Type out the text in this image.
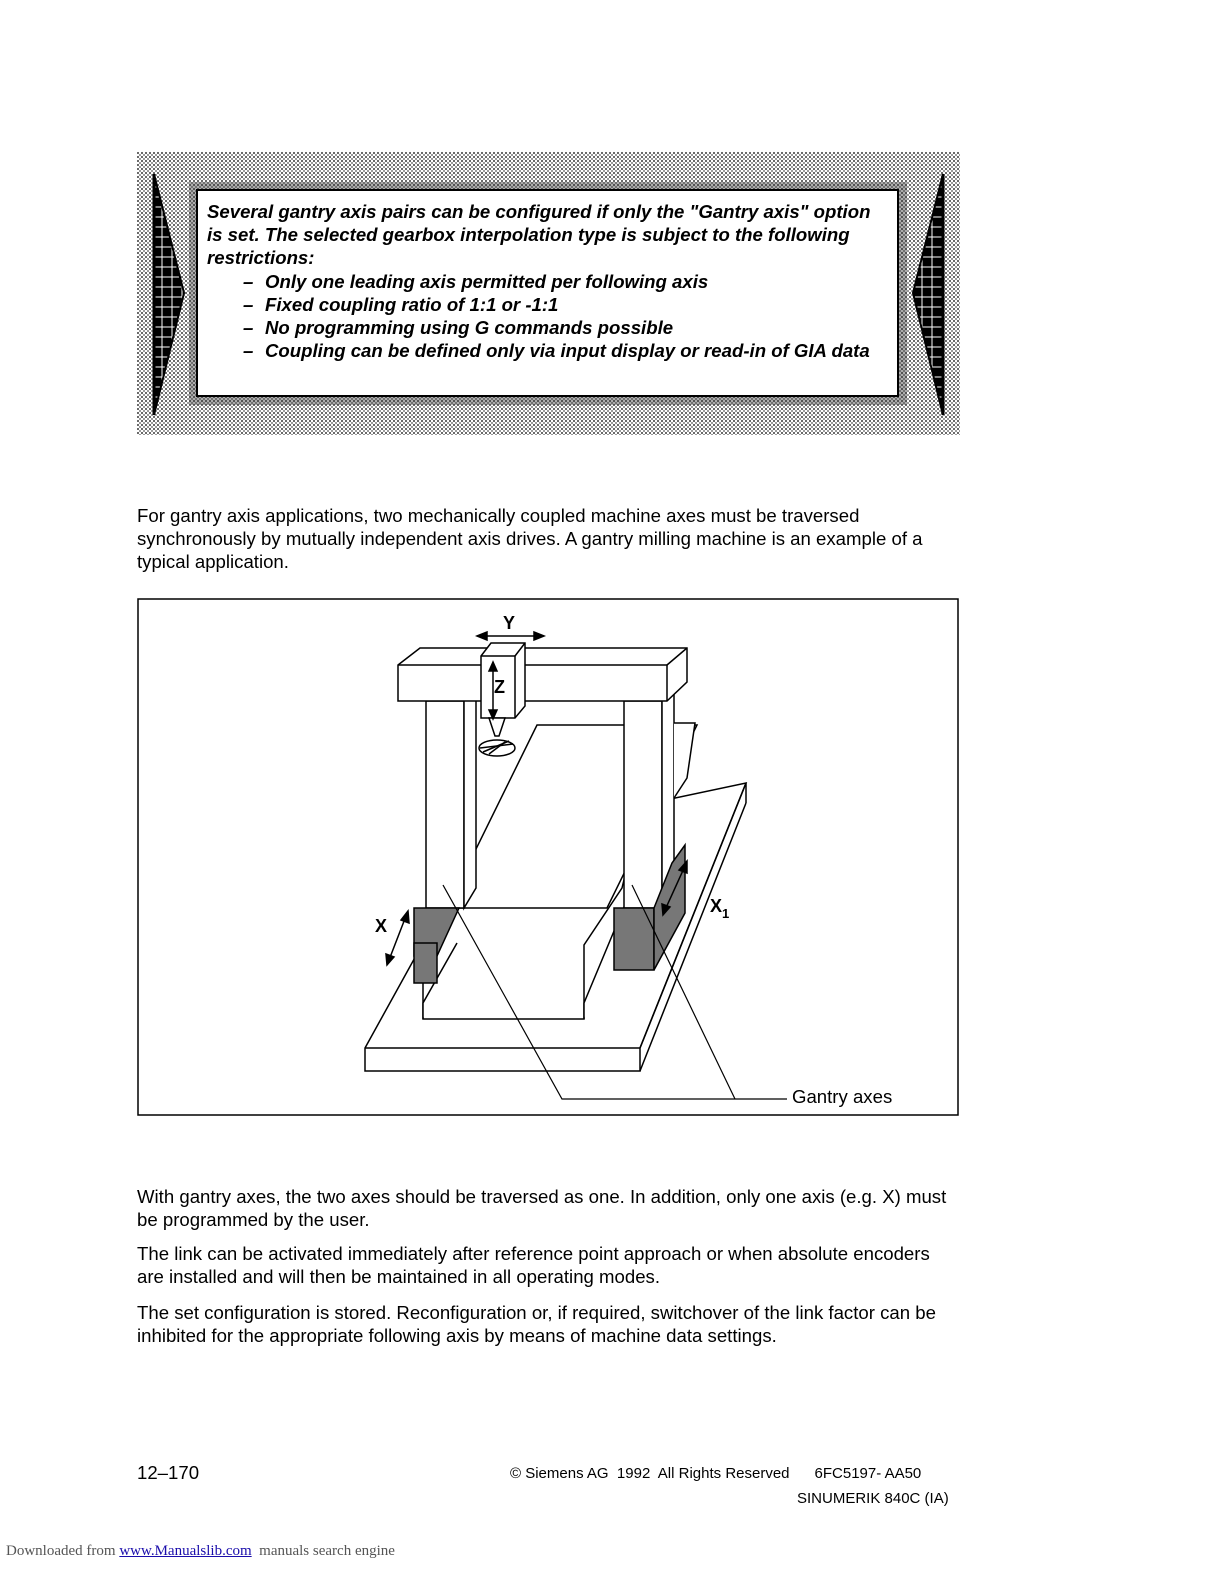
Several gantry axis pairs can be configured if only the "Gantry axis" option is set. The selected gearbox interpolation type is subject to the following restrictions:
– Only one leading axis permitted per following axis
– Fixed coupling ratio of 1:1 or -1:1
– No programming using G commands possible
– Coupling can be defined only via input display or read-in of GIA data
For gantry axis applications, two mechanically coupled machine axes must be traversed synchronously by mutually independent axis drives. A gantry milling machine is an example of a typical application.
Y
Z
X
$X_1$
Gantry axes
With gantry axes, the two axes should be traversed as one. In addition, only one axis (e.g. X) must be programmed by the user.
The link can be activated immediately after reference point approach or when absolute encoders are installed and will then be maintained in all operating modes.
The set configuration is stored. Reconfiguration or, if required, switchover of the link factor can be inhibited for the appropriate following axis by means of machine data settings.
12–170	© Siemens AG  1992  All Rights Reserved      6FC5197- AA50
SINUMERIK 840C (IA)
Downloaded from www.Manualslib.com  manuals search engine
